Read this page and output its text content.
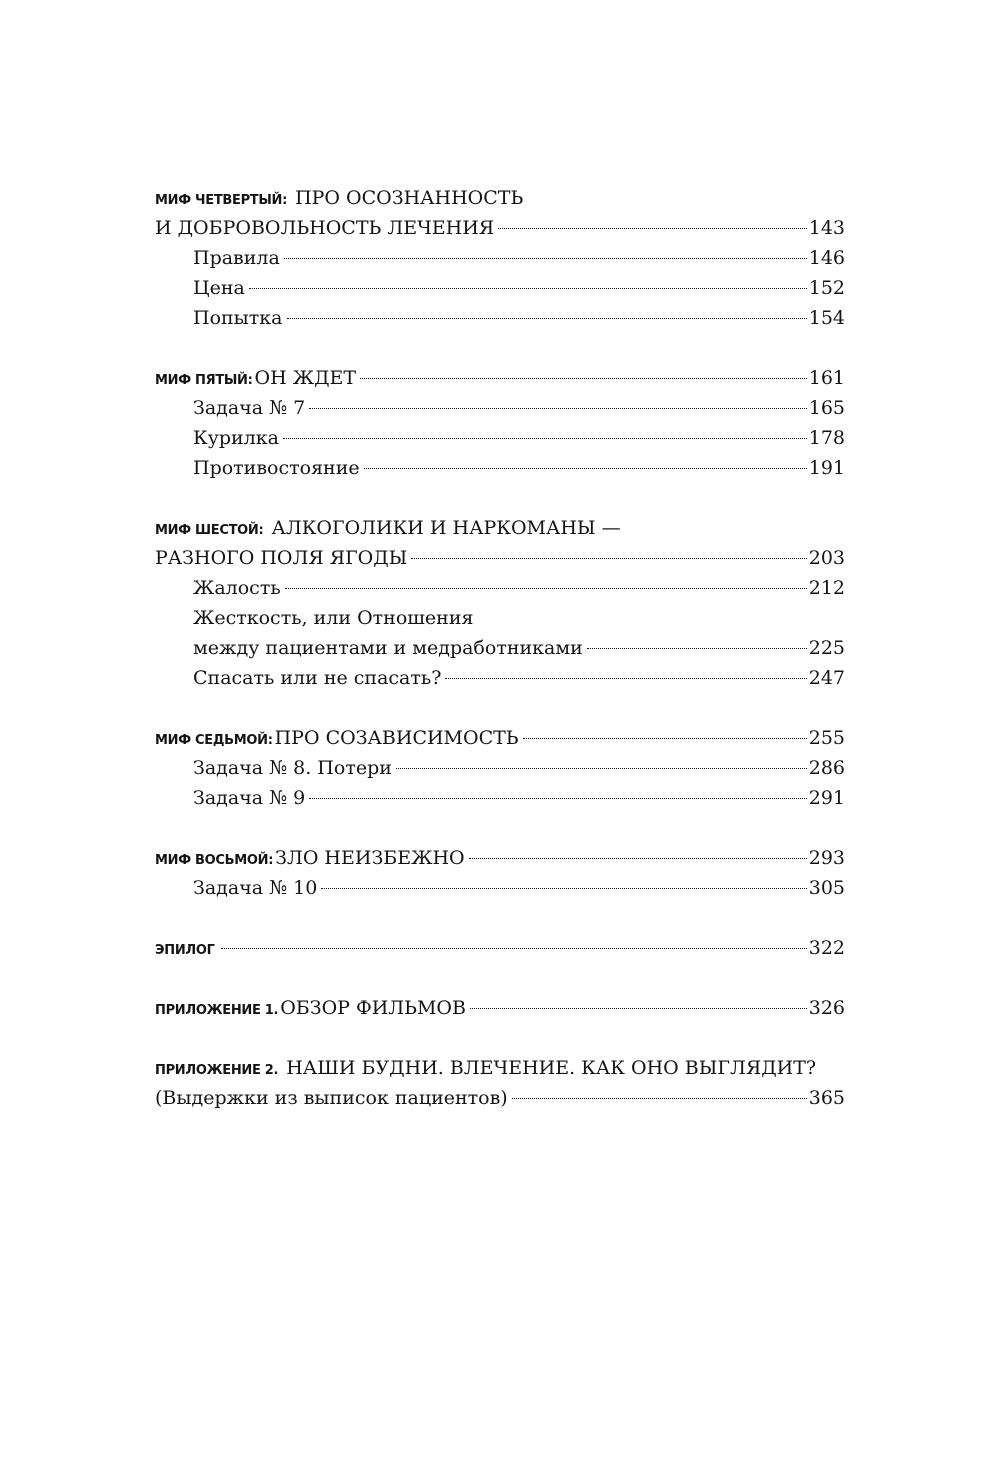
МИФ ЧЕТВЕРТЫЙ: ПРО ОСОЗНАННОСТЬ
И ДОБРОВОЛЬНОСТЬ ЛЕЧЕНИЯ	143
Правила	146
Цена	152
Попытка	154
МИФ ПЯТЫЙ: ОН ЖДЕТ	161
Задача № 7	165
Курилка	178
Противостояние	191
МИФ ШЕСТОЙ: АЛКОГОЛИКИ И НАРКОМАНЫ —
РАЗНОГО ПОЛЯ ЯГОДЫ	203
Жалость	212
Жесткость, или Отношения
между пациентами и медработниками	225
Спасать или не спасать?	247
МИФ СЕДЬМОЙ: ПРО СОЗАВИСИМОСТЬ	255
Задача № 8. Потери	286
Задача № 9	291
МИФ ВОСЬМОЙ: ЗЛО НЕИЗБЕЖНО	293
Задача № 10	305
ЭПИЛОГ	322
ПРИЛОЖЕНИЕ 1. ОБЗОР ФИЛЬМОВ	326
ПРИЛОЖЕНИЕ 2. НАШИ БУДНИ. ВЛЕЧЕНИЕ. КАК ОНО ВЫГЛЯДИТ?
(Выдержки из выписок пациентов)	365
